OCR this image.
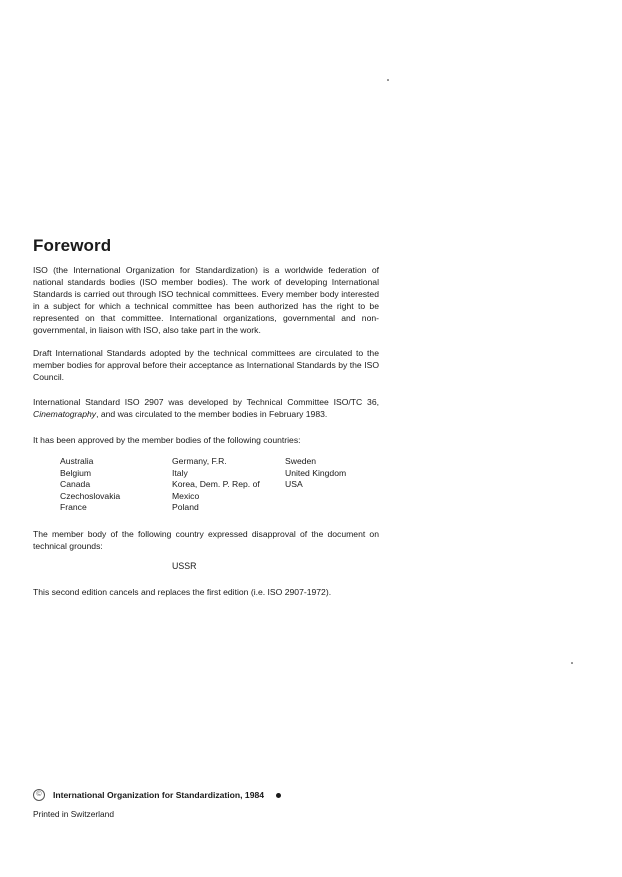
Foreword

ISO (the International Organization for Standardization) is a worldwide federation of national standards bodies (ISO member bodies). The work of developing International Standards is carried out through ISO technical committees. Every member body interested in a subject for which a technical committee has been authorized has the right to be represented on that committee. International organizations, governmental and non-governmental, in liaison with ISO, also take part in the work.

Draft International Standards adopted by the technical committees are circulated to the member bodies for approval before their acceptance as International Standards by the ISO Council.

International Standard ISO 2907 was developed by Technical Committee ISO/TC 36, Cinematography, and was circulated to the member bodies in February 1983.

It has been approved by the member bodies of the following countries:

Australia
Belgium
Canada
Czechoslovakia
France
Germany, F.R.
Italy
Korea, Dem. P. Rep. of
Mexico
Poland
Sweden
United Kingdom
USA

The member body of the following country expressed disapproval of the document on technical grounds:

USSR

This second edition cancels and replaces the first edition (i.e. ISO 2907-1972).

©	International Organization for Standardization, 1984
Printed in Switzerland
